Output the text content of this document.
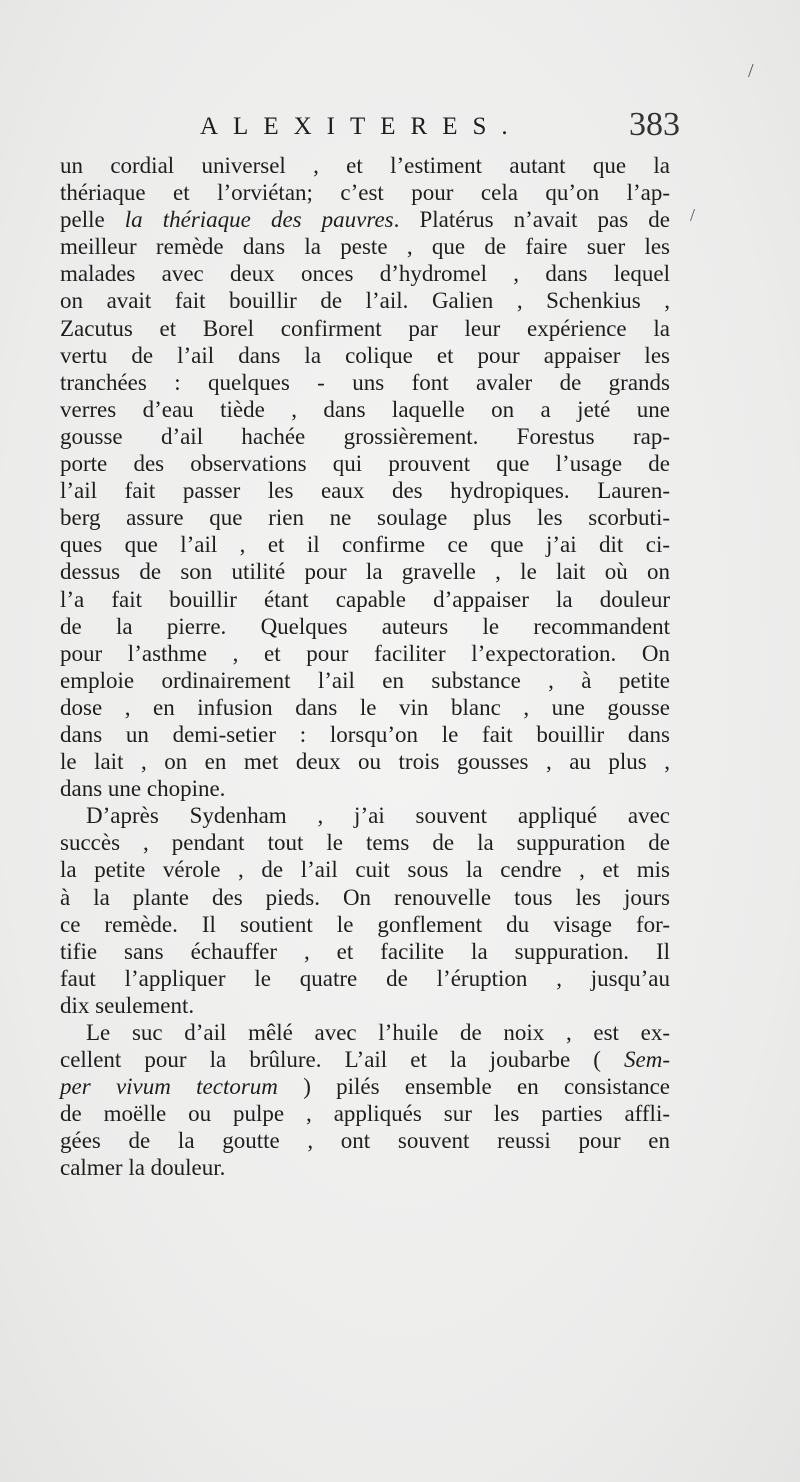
ALEXITERES.	383

un cordial universel , et l’estiment autant que la
thériaque et l’orviétan; c’est pour cela qu’on l’ap-
pelle la thériaque des pauvres. Platérus n’avait pas de
meilleur remède dans la peste , que de faire suer les
malades avec deux onces d’hydromel , dans lequel
on avait fait bouillir de l’ail. Galien , Schenkius ,
Zacutus et Borel confirment par leur expérience la
vertu de l’ail dans la colique et pour appaiser les
tranchées : quelques - uns font avaler de grands
verres d’eau tiède , dans laquelle on a jeté une
gousse d’ail hachée grossièrement. Forestus rap-
porte des observations qui prouvent que l’usage de
l’ail fait passer les eaux des hydropiques. Lauren-
berg assure que rien ne soulage plus les scorbuti-
ques que l’ail , et il confirme ce que j’ai dit ci-
dessus de son utilité pour la gravelle , le lait où on
l’a fait bouillir étant capable d’appaiser la douleur
de la pierre. Quelques auteurs le recommandent
pour l’asthme , et pour faciliter l’expectoration. On
emploie ordinairement l’ail en substance , à petite
dose , en infusion dans le vin blanc , une gousse
dans un demi-setier : lorsqu’on le fait bouillir dans
le lait , on en met deux ou trois gousses , au plus ,
dans une chopine.

D’après Sydenham , j’ai souvent appliqué avec
succès , pendant tout le tems de la suppuration de
la petite vérole , de l’ail cuit sous la cendre , et mis
à la plante des pieds. On renouvelle tous les jours
ce remède. Il soutient le gonflement du visage for-
tifie sans échauffer , et facilite la suppuration. Il
faut l’appliquer le quatre de l’éruption , jusqu’au
dix seulement.

Le suc d’ail mêlé avec l’huile de noix , est ex-
cellent pour la brûlure. L’ail et la joubarbe ( Sem-
per vivum tectorum ) pilés ensemble en consistance
de moëlle ou pulpe , appliqués sur les parties affli-
gées de la goutte , ont souvent reussi pour en
calmer la douleur.

/
/
